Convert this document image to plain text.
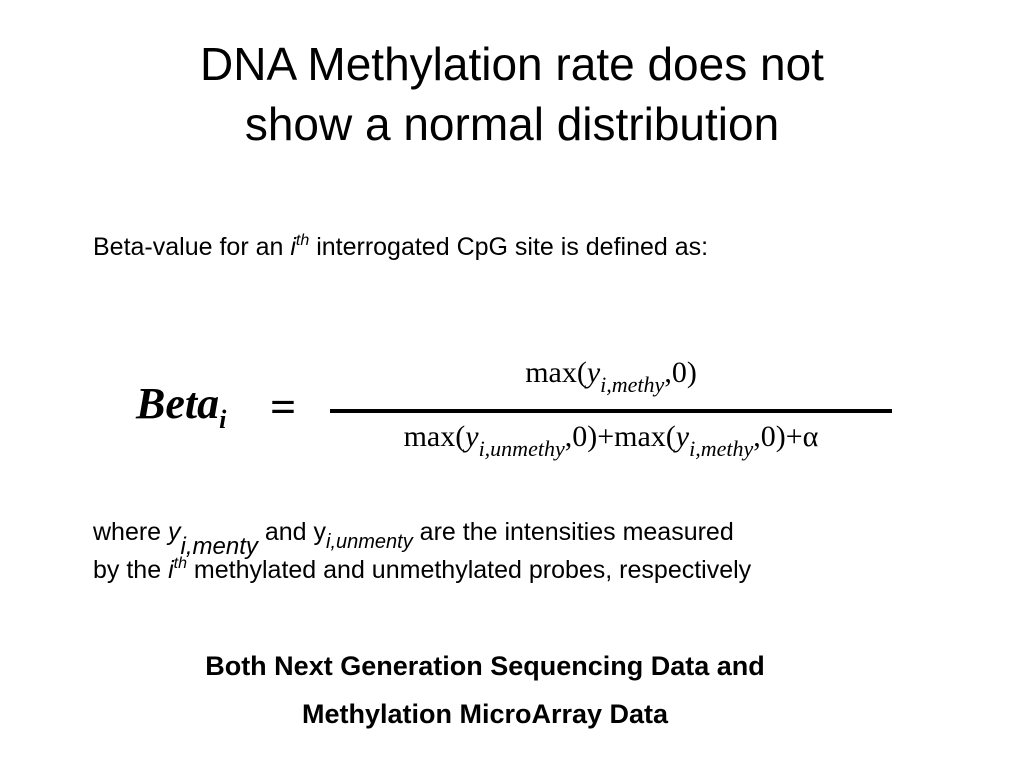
DNA Methylation rate does not
show a normal distribution
Beta-value for an $i^{th}$ interrogated CpG site is defined as:
Beta$_i$ =
$\max(y_{i,methy},0)$
$\max(y_{i,unmethy},0)+\max(y_{i,methy},0)+\alpha$
where yi,menty and $y_{i,unmenty}$ are the intensities measured
by the $i^{th}$ methylated and unmethylated probes, respectively
Both Next Generation Sequencing Data and
Methylation MicroArray Data
